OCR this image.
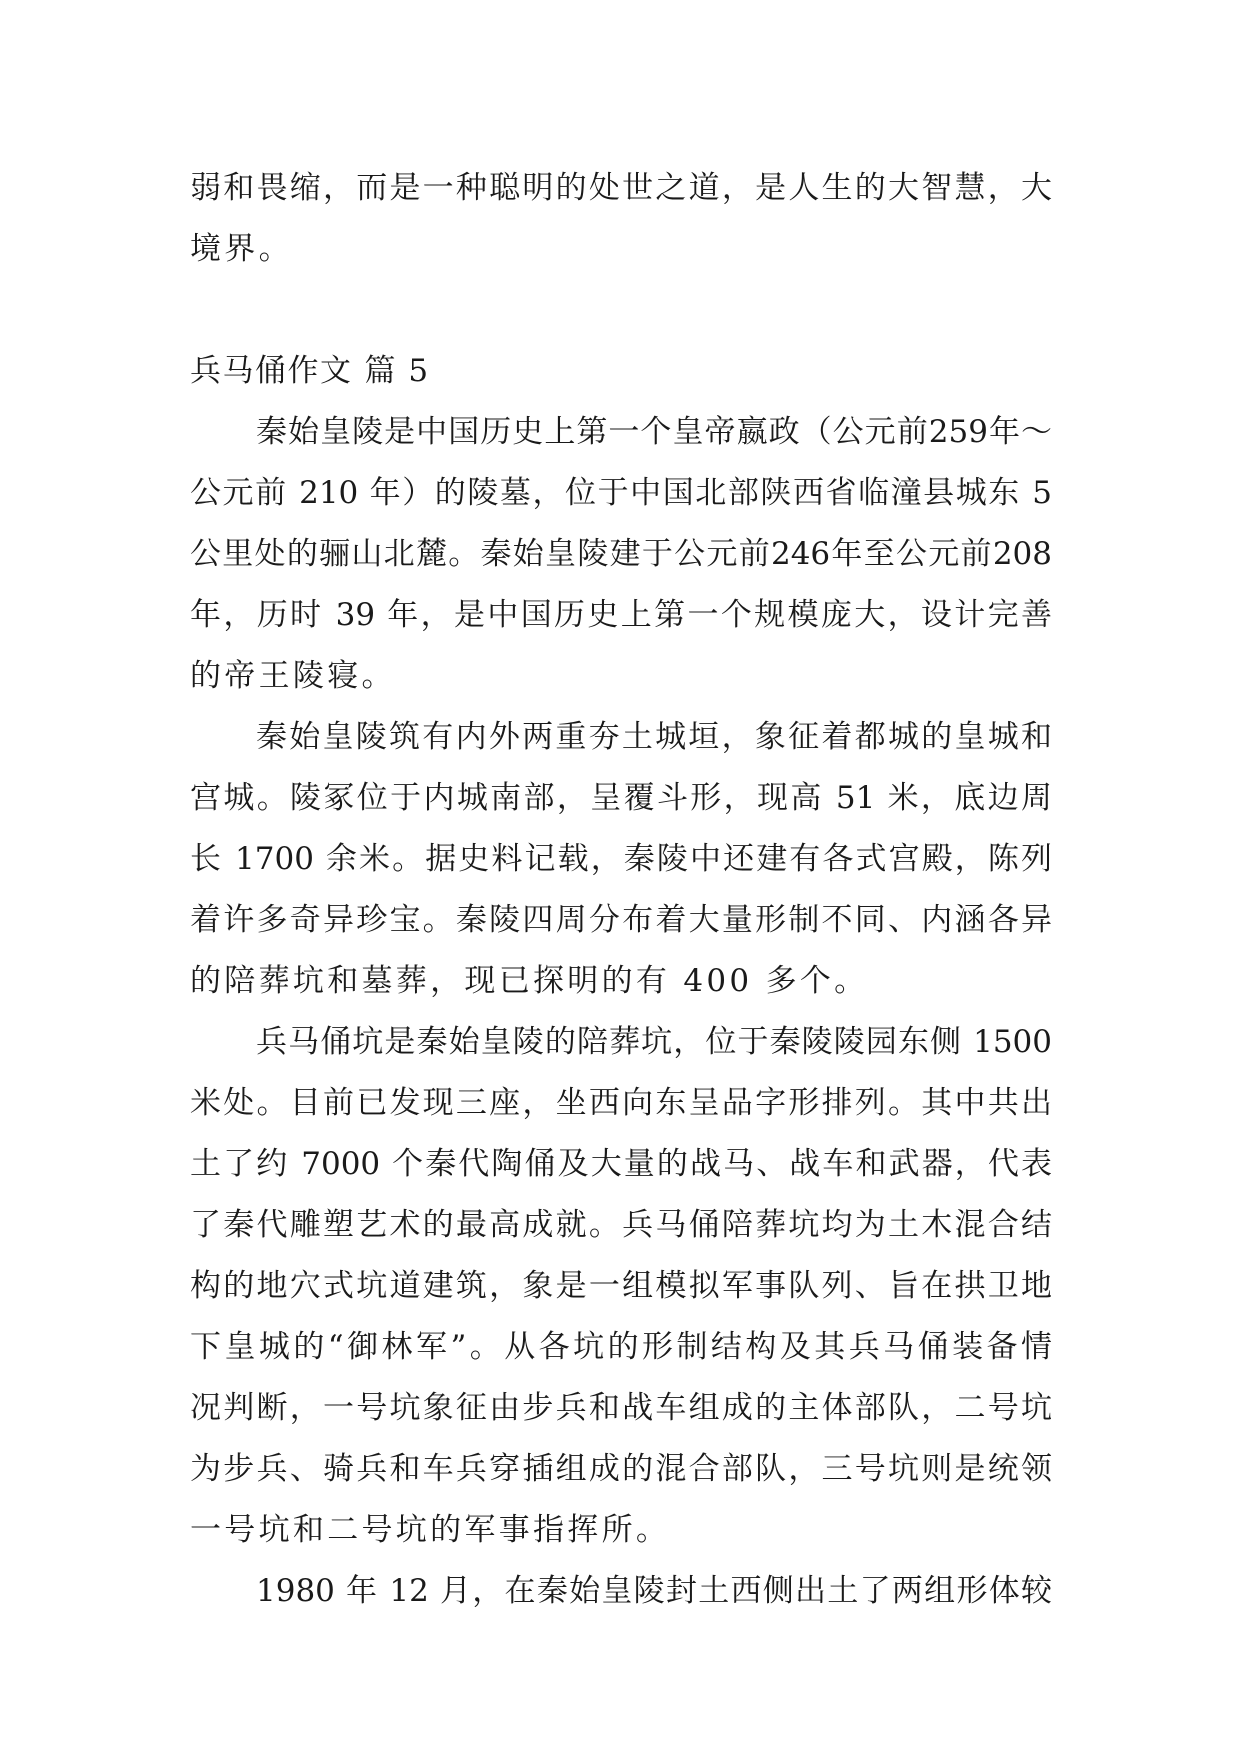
弱和畏缩，而是一种聪明的处世之道，是人生的大智慧，大
境界。
兵马俑作文 篇 5
秦始皇陵是中国历史上第一个皇帝嬴政（公元前259年～
公元前 210 年）的陵墓，位于中国北部陕西省临潼县城东 5
公里处的骊山北麓。秦始皇陵建于公元前246年至公元前208
年，历时 39 年，是中国历史上第一个规模庞大，设计完善
的帝王陵寝。
秦始皇陵筑有内外两重夯土城垣，象征着都城的皇城和
宫城。陵冢位于内城南部，呈覆斗形，现高 51 米，底边周
长 1700 余米。据史料记载，秦陵中还建有各式宫殿，陈列
着许多奇异珍宝。秦陵四周分布着大量形制不同、内涵各异
的陪葬坑和墓葬，现已探明的有 400 多个。
兵马俑坑是秦始皇陵的陪葬坑，位于秦陵陵园东侧 1500
米处。目前已发现三座，坐西向东呈品字形排列。其中共出
土了约 7000 个秦代陶俑及大量的战马、战车和武器，代表
了秦代雕塑艺术的最高成就。兵马俑陪葬坑均为土木混合结
构的地穴式坑道建筑，象是一组模拟军事队列、旨在拱卫地
下皇城的“御林军”。从各坑的形制结构及其兵马俑装备情
况判断，一号坑象征由步兵和战车组成的主体部队，二号坑
为步兵、骑兵和车兵穿插组成的混合部队，三号坑则是统领
一号坑和二号坑的军事指挥所。
1980 年 12 月，在秦始皇陵封土西侧出土了两组形体较
